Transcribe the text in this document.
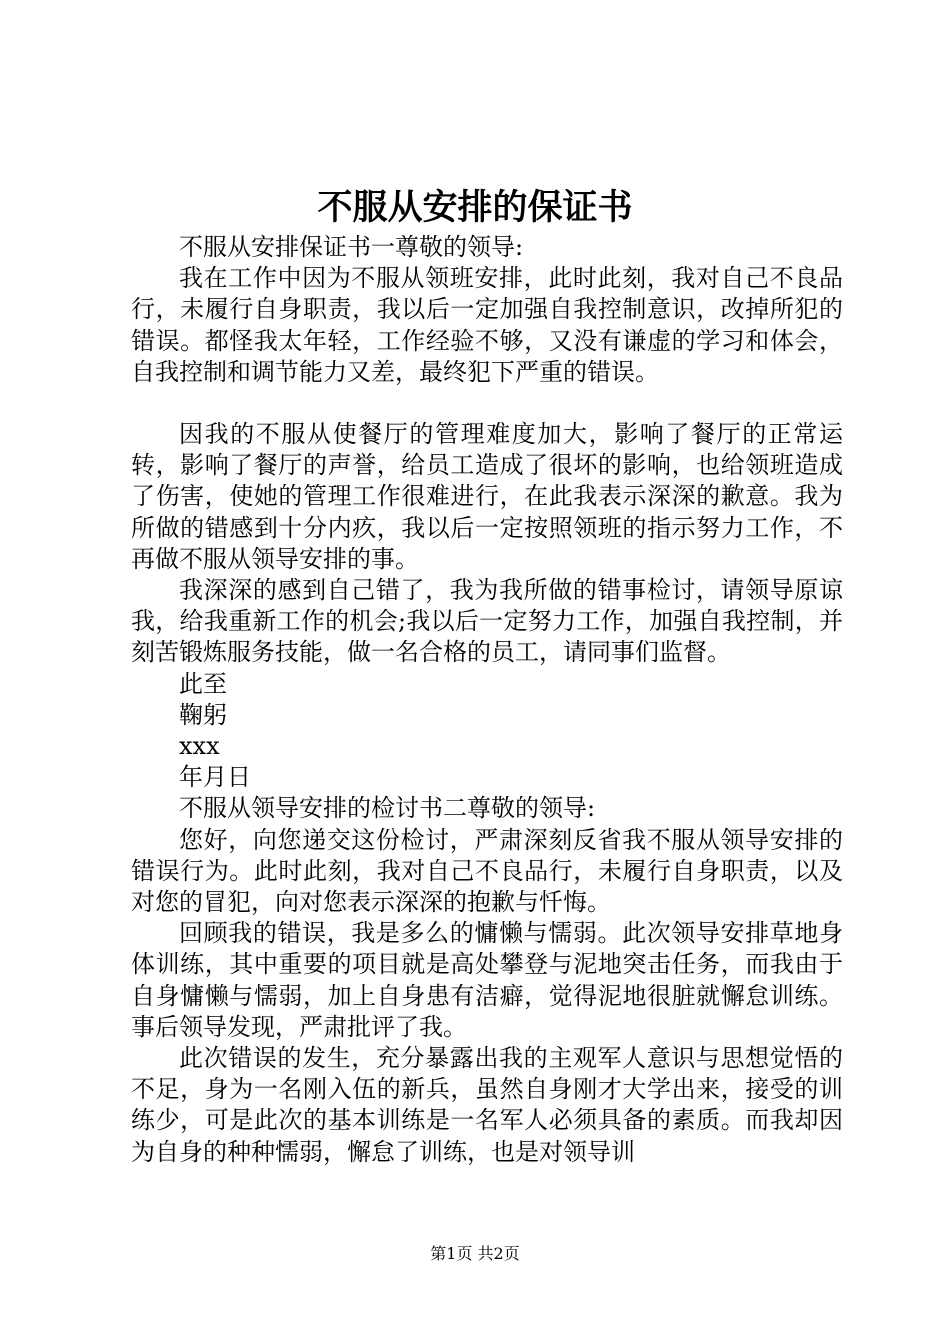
不服从安排的保证书

不服从安排保证书一尊敬的领导:

我在工作中因为不服从领班安排，此时此刻，我对自己不良品行，未履行自身职责，我以后一定加强自我控制意识，改掉所犯的错误。都怪我太年轻，工作经验不够，又没有谦虚的学习和体会，自我控制和调节能力又差，最终犯下严重的错误。

因我的不服从使餐厅的管理难度加大，影响了餐厅的正常运转，影响了餐厅的声誉，给员工造成了很坏的影响，也给领班造成了伤害，使她的管理工作很难进行，在此我表示深深的歉意。我为所做的错感到十分内疚，我以后一定按照领班的指示努力工作，不再做不服从领导安排的事。

我深深的感到自己错了，我为我所做的错事检讨，请领导原谅我，给我重新工作的机会;我以后一定努力工作，加强自我控制，并刻苦锻炼服务技能，做一名合格的员工，请同事们监督。

此至

鞠躬

xxx

年月日

不服从领导安排的检讨书二尊敬的领导:

您好，向您递交这份检讨，严肃深刻反省我不服从领导安排的错误行为。此时此刻，我对自己不良品行，未履行自身职责，以及对您的冒犯，向对您表示深深的抱歉与忏悔。

回顾我的错误，我是多么的慵懒与懦弱。此次领导安排草地身体训练，其中重要的项目就是高处攀登与泥地突击任务，而我由于自身慵懒与懦弱，加上自身患有洁癖，觉得泥地很脏就懈怠训练。事后领导发现，严肃批评了我。

此次错误的发生，充分暴露出我的主观军人意识与思想觉悟的不足，身为一名刚入伍的新兵，虽然自身刚才大学出来，接受的训练少，可是此次的基本训练是一名军人必须具备的素质。而我却因为自身的种种懦弱，懈怠了训练，也是对领导训

第1页 共2页
